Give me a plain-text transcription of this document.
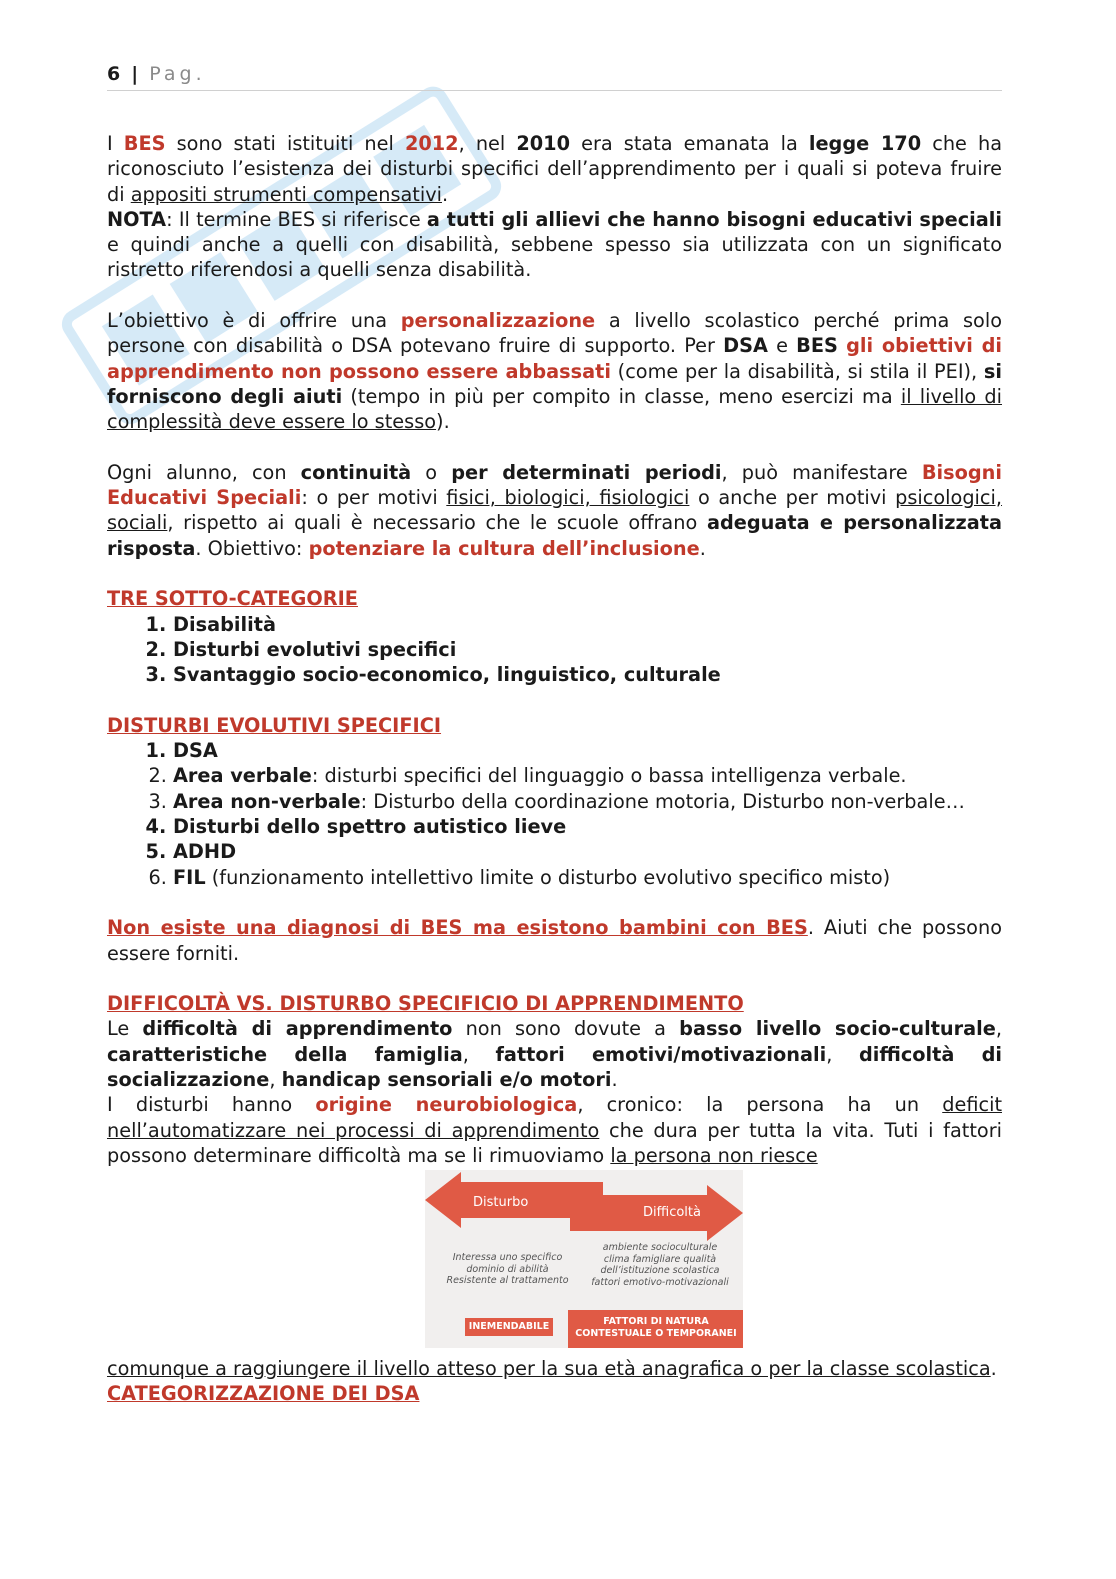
6 | Pag.

I BES sono stati istituiti nel 2012, nel 2010 era stata emanata la legge 170 che ha riconosciuto l’esistenza dei disturbi specifici dell’apprendimento per i quali si poteva fruire di appositi strumenti compensativi.

NOTA: Il termine BES si riferisce a tutti gli allievi che hanno bisogni educativi speciali e quindi anche a quelli con disabilità, sebbene spesso sia utilizzata con un significato ristretto riferendosi a quelli senza disabilità.

L’obiettivo è di offrire una personalizzazione a livello scolastico perché prima solo persone con disabilità o DSA potevano fruire di supporto. Per DSA e BES gli obiettivi di apprendimento non possono essere abbassati (come per la disabilità, si stila il PEI), si forniscono degli aiuti (tempo in più per compito in classe, meno esercizi ma il livello di complessità deve essere lo stesso).

Ogni alunno, con continuità o per determinati periodi, può manifestare Bisogni Educativi Speciali: o per motivi fisici, biologici, fisiologici o anche per motivi psicologici, sociali, rispetto ai quali è necessario che le scuole offrano adeguata e personalizzata risposta. Obiettivo: potenziare la cultura dell’inclusione.

TRE SOTTO-CATEGORIE
1. Disabilità
2. Disturbi evolutivi specifici
3. Svantaggio socio-economico, linguistico, culturale
DISTURBI EVOLUTIVI SPECIFICI
1. DSA
2. Area verbale: disturbi specifici del linguaggio o bassa intelligenza verbale.
3. Area non-verbale: Disturbo della coordinazione motoria, Disturbo non-verbale…
4. Disturbi dello spettro autistico lieve
5. ADHD
6. FIL (funzionamento intellettivo limite o disturbo evolutivo specifico misto)

Non esiste una diagnosi di BES ma esistono bambini con BES. Aiuti che possono essere forniti.

DIFFICOLTÀ VS. DISTURBO SPECIFICIO DI APPRENDIMENTO

Le difficoltà di apprendimento non sono dovute a basso livello socio-culturale, caratteristiche della famiglia, fattori emotivi/motivazionali, difficoltà di socializzazione, handicap sensoriali e/o motori.

I disturbi hanno origine neurobiologica, cronico: la persona ha un deficit nell’automatizzare nei processi di apprendimento che dura per tutta la vita. Tuti i fattori possono determinare difficoltà ma se li rimuoviamo la persona non riesce

Disturbo
Difficoltà
Interessa uno specifico dominio di abilità Resistente al trattamento
ambiente socioculturale clima famigliare qualità dell’istituzione scolastica fattori emotivo-motivazionali
INEMENDABILE	FATTORI DI NATURA CONTESTUALE O TEMPORANEI

comunque a raggiungere il livello atteso per la sua età anagrafica o per la classe scolastica.

CATEGORIZZAZIONE DEI DSA
